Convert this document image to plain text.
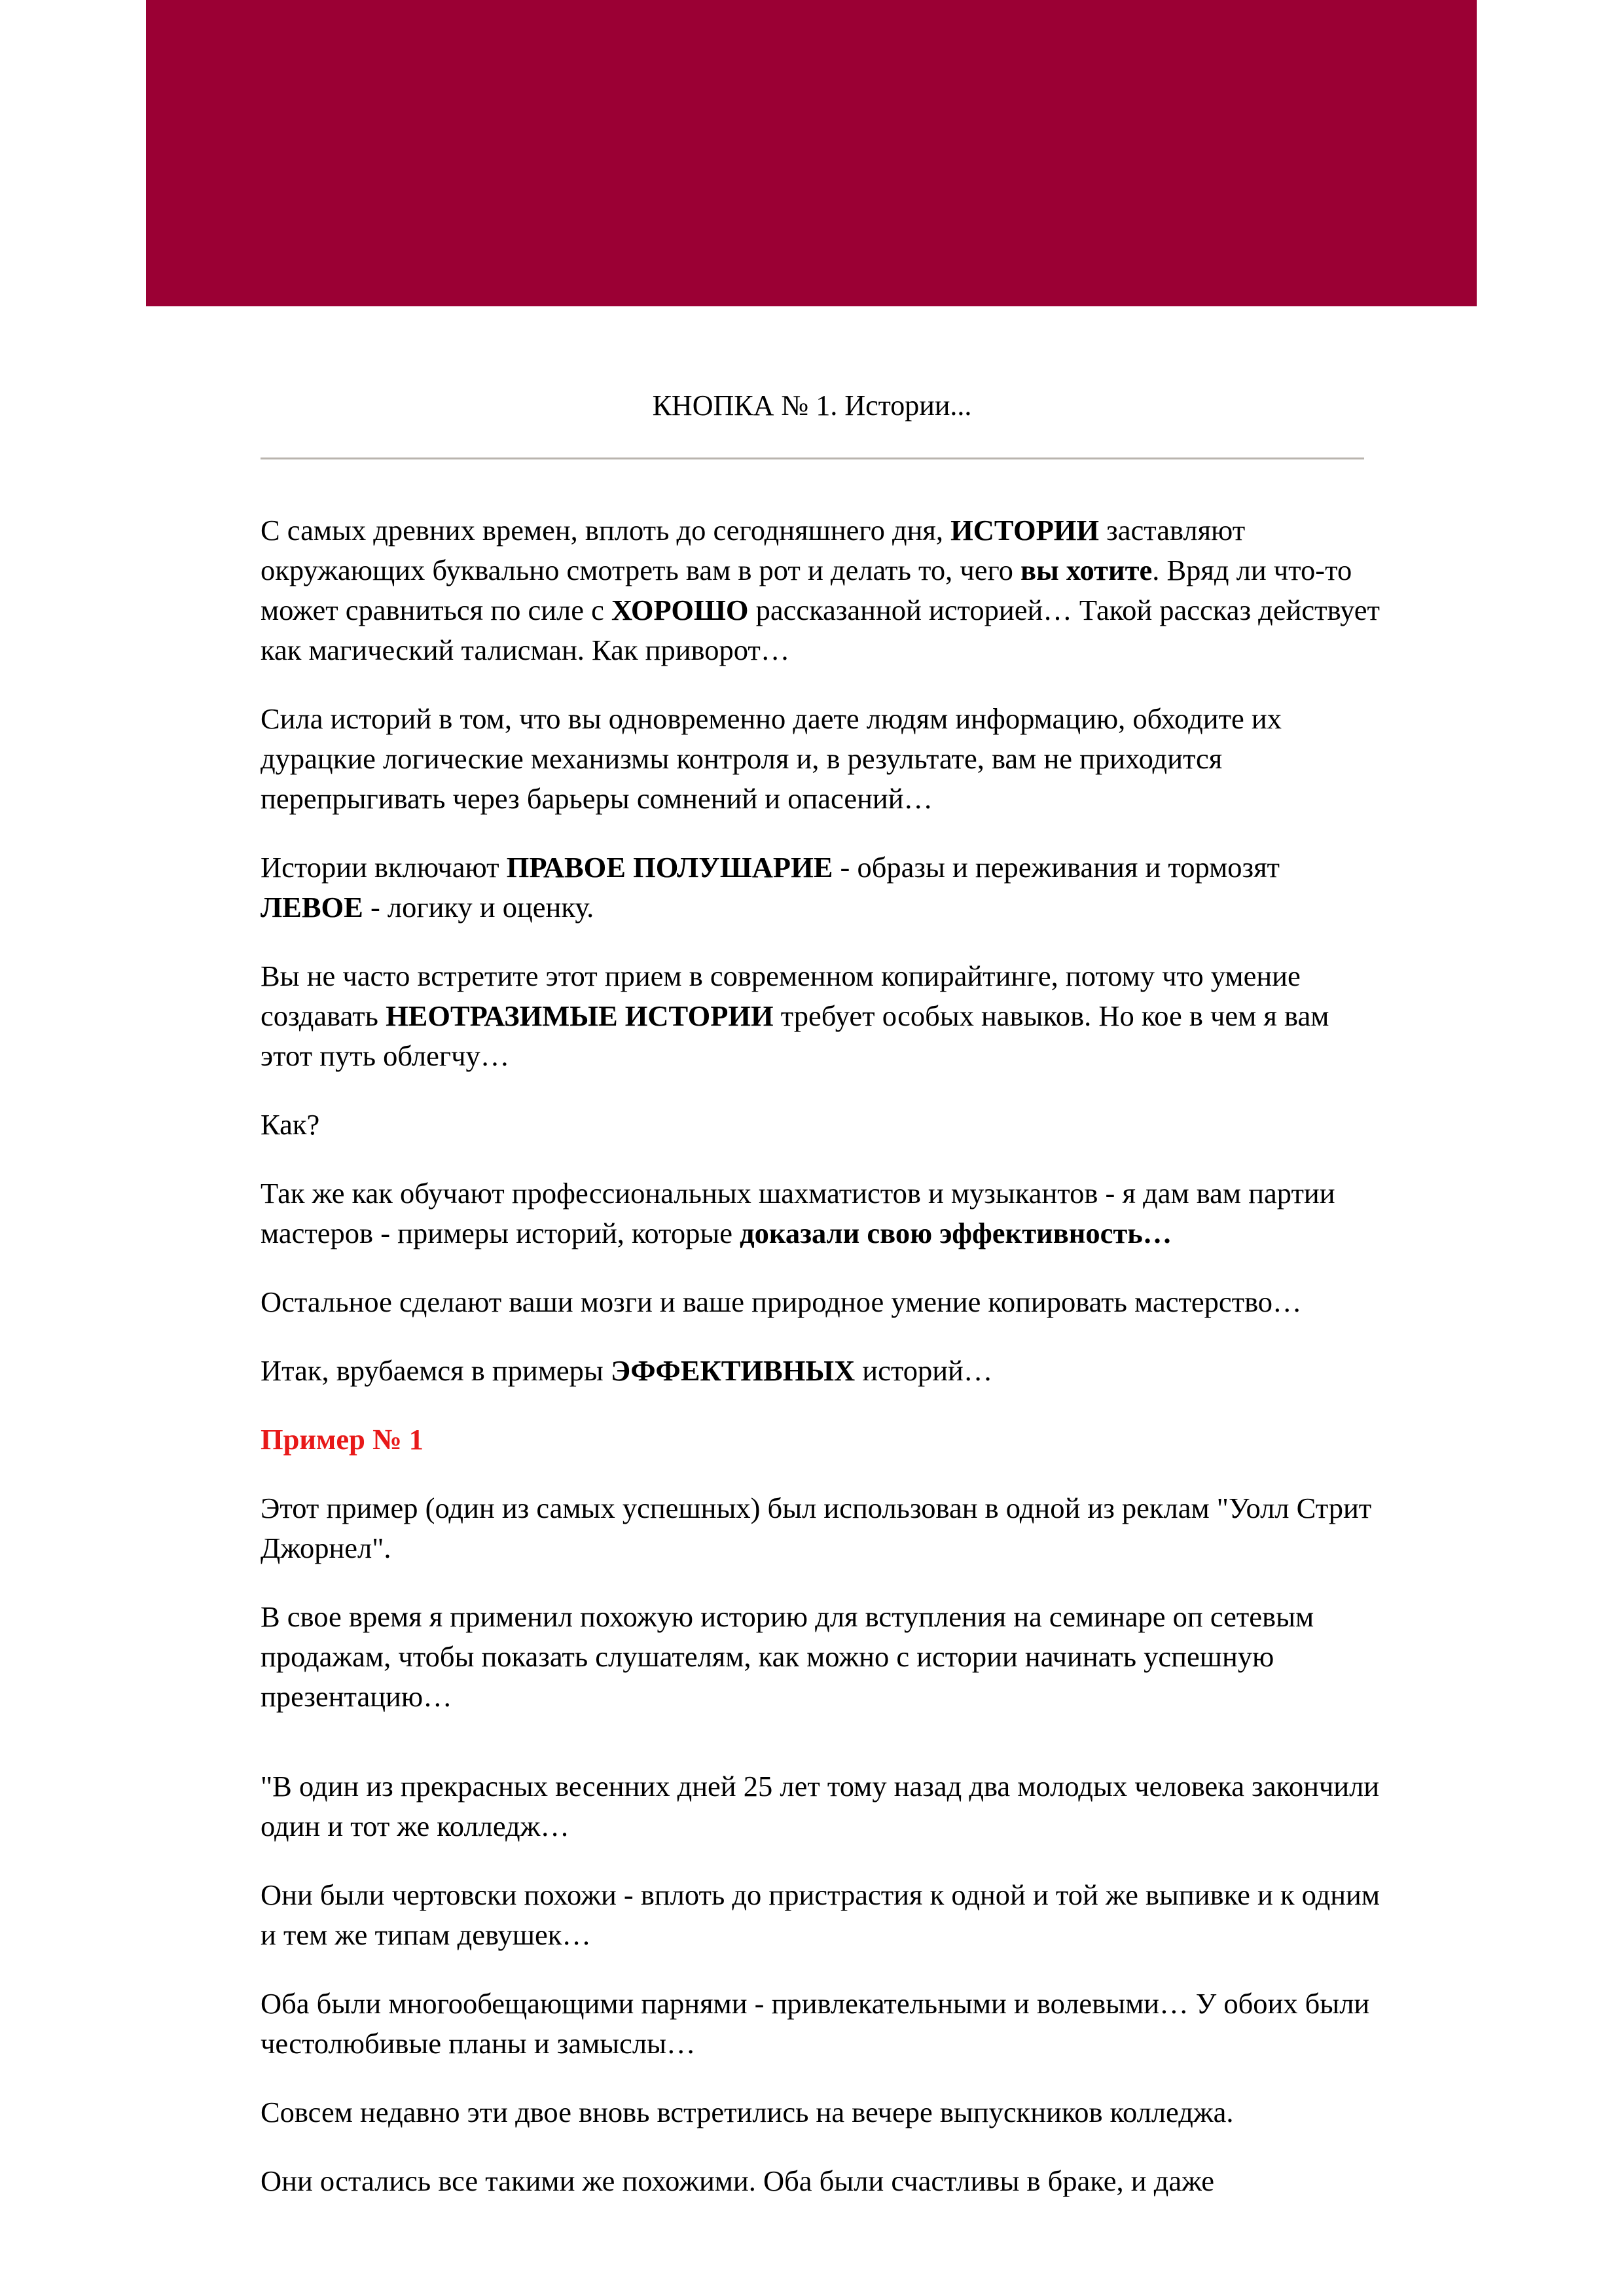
КНОПКА № 1. Истории...

С самых древних времен, вплоть до сегодняшнего дня, ИСТОРИИ заставляют окружающих буквально смотреть вам в рот и делать то, чего вы хотите. Вряд ли что-то может сравниться по силе с ХОРОШО рассказанной историей… Такой рассказ действует как магический талисман. Как приворот…

Сила историй в том, что вы одновременно даете людям информацию, обходите их дурацкие логические механизмы контроля и, в результате, вам не приходится перепрыгивать через барьеры сомнений и опасений…

Истории включают ПРАВОЕ ПОЛУШАРИЕ - образы и переживания и тормозят ЛЕВОЕ - логику и оценку.

Вы не часто встретите этот прием в современном копирайтинге, потому что умение создавать НЕОТРАЗИМЫЕ ИСТОРИИ требует особых навыков. Но кое в чем я вам этот путь облегчу…

Как?

Так же как обучают профессиональных шахматистов и музыкантов - я дам вам партии мастеров - примеры историй, которые доказали свою эффективность…

Остальное сделают ваши мозги и ваше природное умение копировать мастерство…

Итак, врубаемся в примеры ЭФФЕКТИВНЫХ историй…

Пример № 1

Этот пример (один из самых успешных) был использован в одной из реклам "Уолл Стрит Джорнел".

В свое время я применил похожую историю для вступления на семинаре оп сетевым продажам, чтобы показать слушателям, как можно с истории начинать успешную презентацию…

"В один из прекрасных весенних дней 25 лет тому назад два молодых человека закончили один и тот же колледж…

Они были чертовски похожи - вплоть до пристрастия к одной и той же выпивке и к одним и тем же типам девушек…

Оба были многообещающими парнями - привлекательными и волевыми… У обоих были честолюбивые планы и замыслы…

Совсем недавно эти двое вновь встретились на вечере выпускников колледжа.

Они остались все такими же похожими. Оба были счастливы в браке, и даже
